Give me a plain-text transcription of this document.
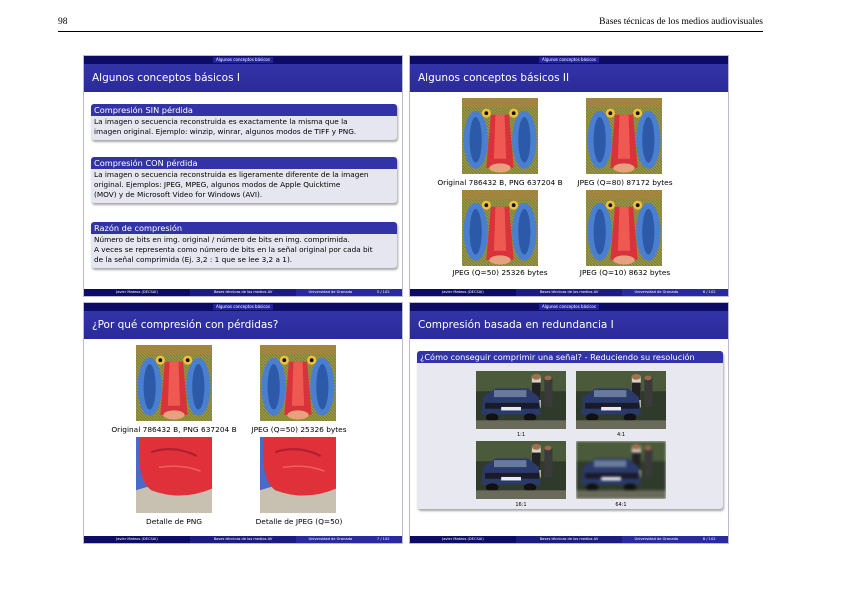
98	Bases técnicas de los medios audiovisuales
Algunos conceptos básicos
Algunos conceptos básicos I
Compresión SIN pérdida
La imagen o secuencia reconstruida es exactamente la misma que la
imagen original. Ejemplo: winzip, winrar, algunos modos de TIFF y PNG.
Compresión CON pérdida
La imagen o secuencia reconstruida es ligeramente diferente de la imagen
original. Ejemplos: JPEG, MPEG, algunos modos de Apple Quicktime
(MOV) y de Microsoft Video for Windows (AVI).
Razón de compresión
Número de bits en img. original / número de bits en img. comprimida.
A veces se representa como número de bits en la señal original por cada bit
de la señal comprimida (Ej. 3,2 : 1 que se lee 3,2 a 1).
Javier Mateos (DECSAI)	Bases técnicas de los medios AV	Universidad de Granada	5 / 102
Algunos conceptos básicos
Algunos conceptos básicos II
Original 786432 B, PNG 637204 B	JPEG (Q=80) 87172 bytes
JPEG (Q=50) 25326 bytes	JPEG (Q=10) 8632 bytes
Javier Mateos (DECSAI)	Bases técnicas de los medios AV	Universidad de Granada	6 / 102
Algunos conceptos básicos
¿Por qué compresión con pérdidas?
Original 786432 B, PNG 637204 B	JPEG (Q=50) 25326 bytes
Detalle de PNG	Detalle de JPEG (Q=50)
Javier Mateos (DECSAI)	Bases técnicas de los medios AV	Universidad de Granada	7 / 102
Algunos conceptos básicos
Compresión basada en redundancia I
¿Cómo conseguir comprimir una señal? - Reduciendo su resolución
1:1	4:1
16:1	64:1
Javier Mateos (DECSAI)	Bases técnicas de los medios AV	Universidad de Granada	8 / 102
